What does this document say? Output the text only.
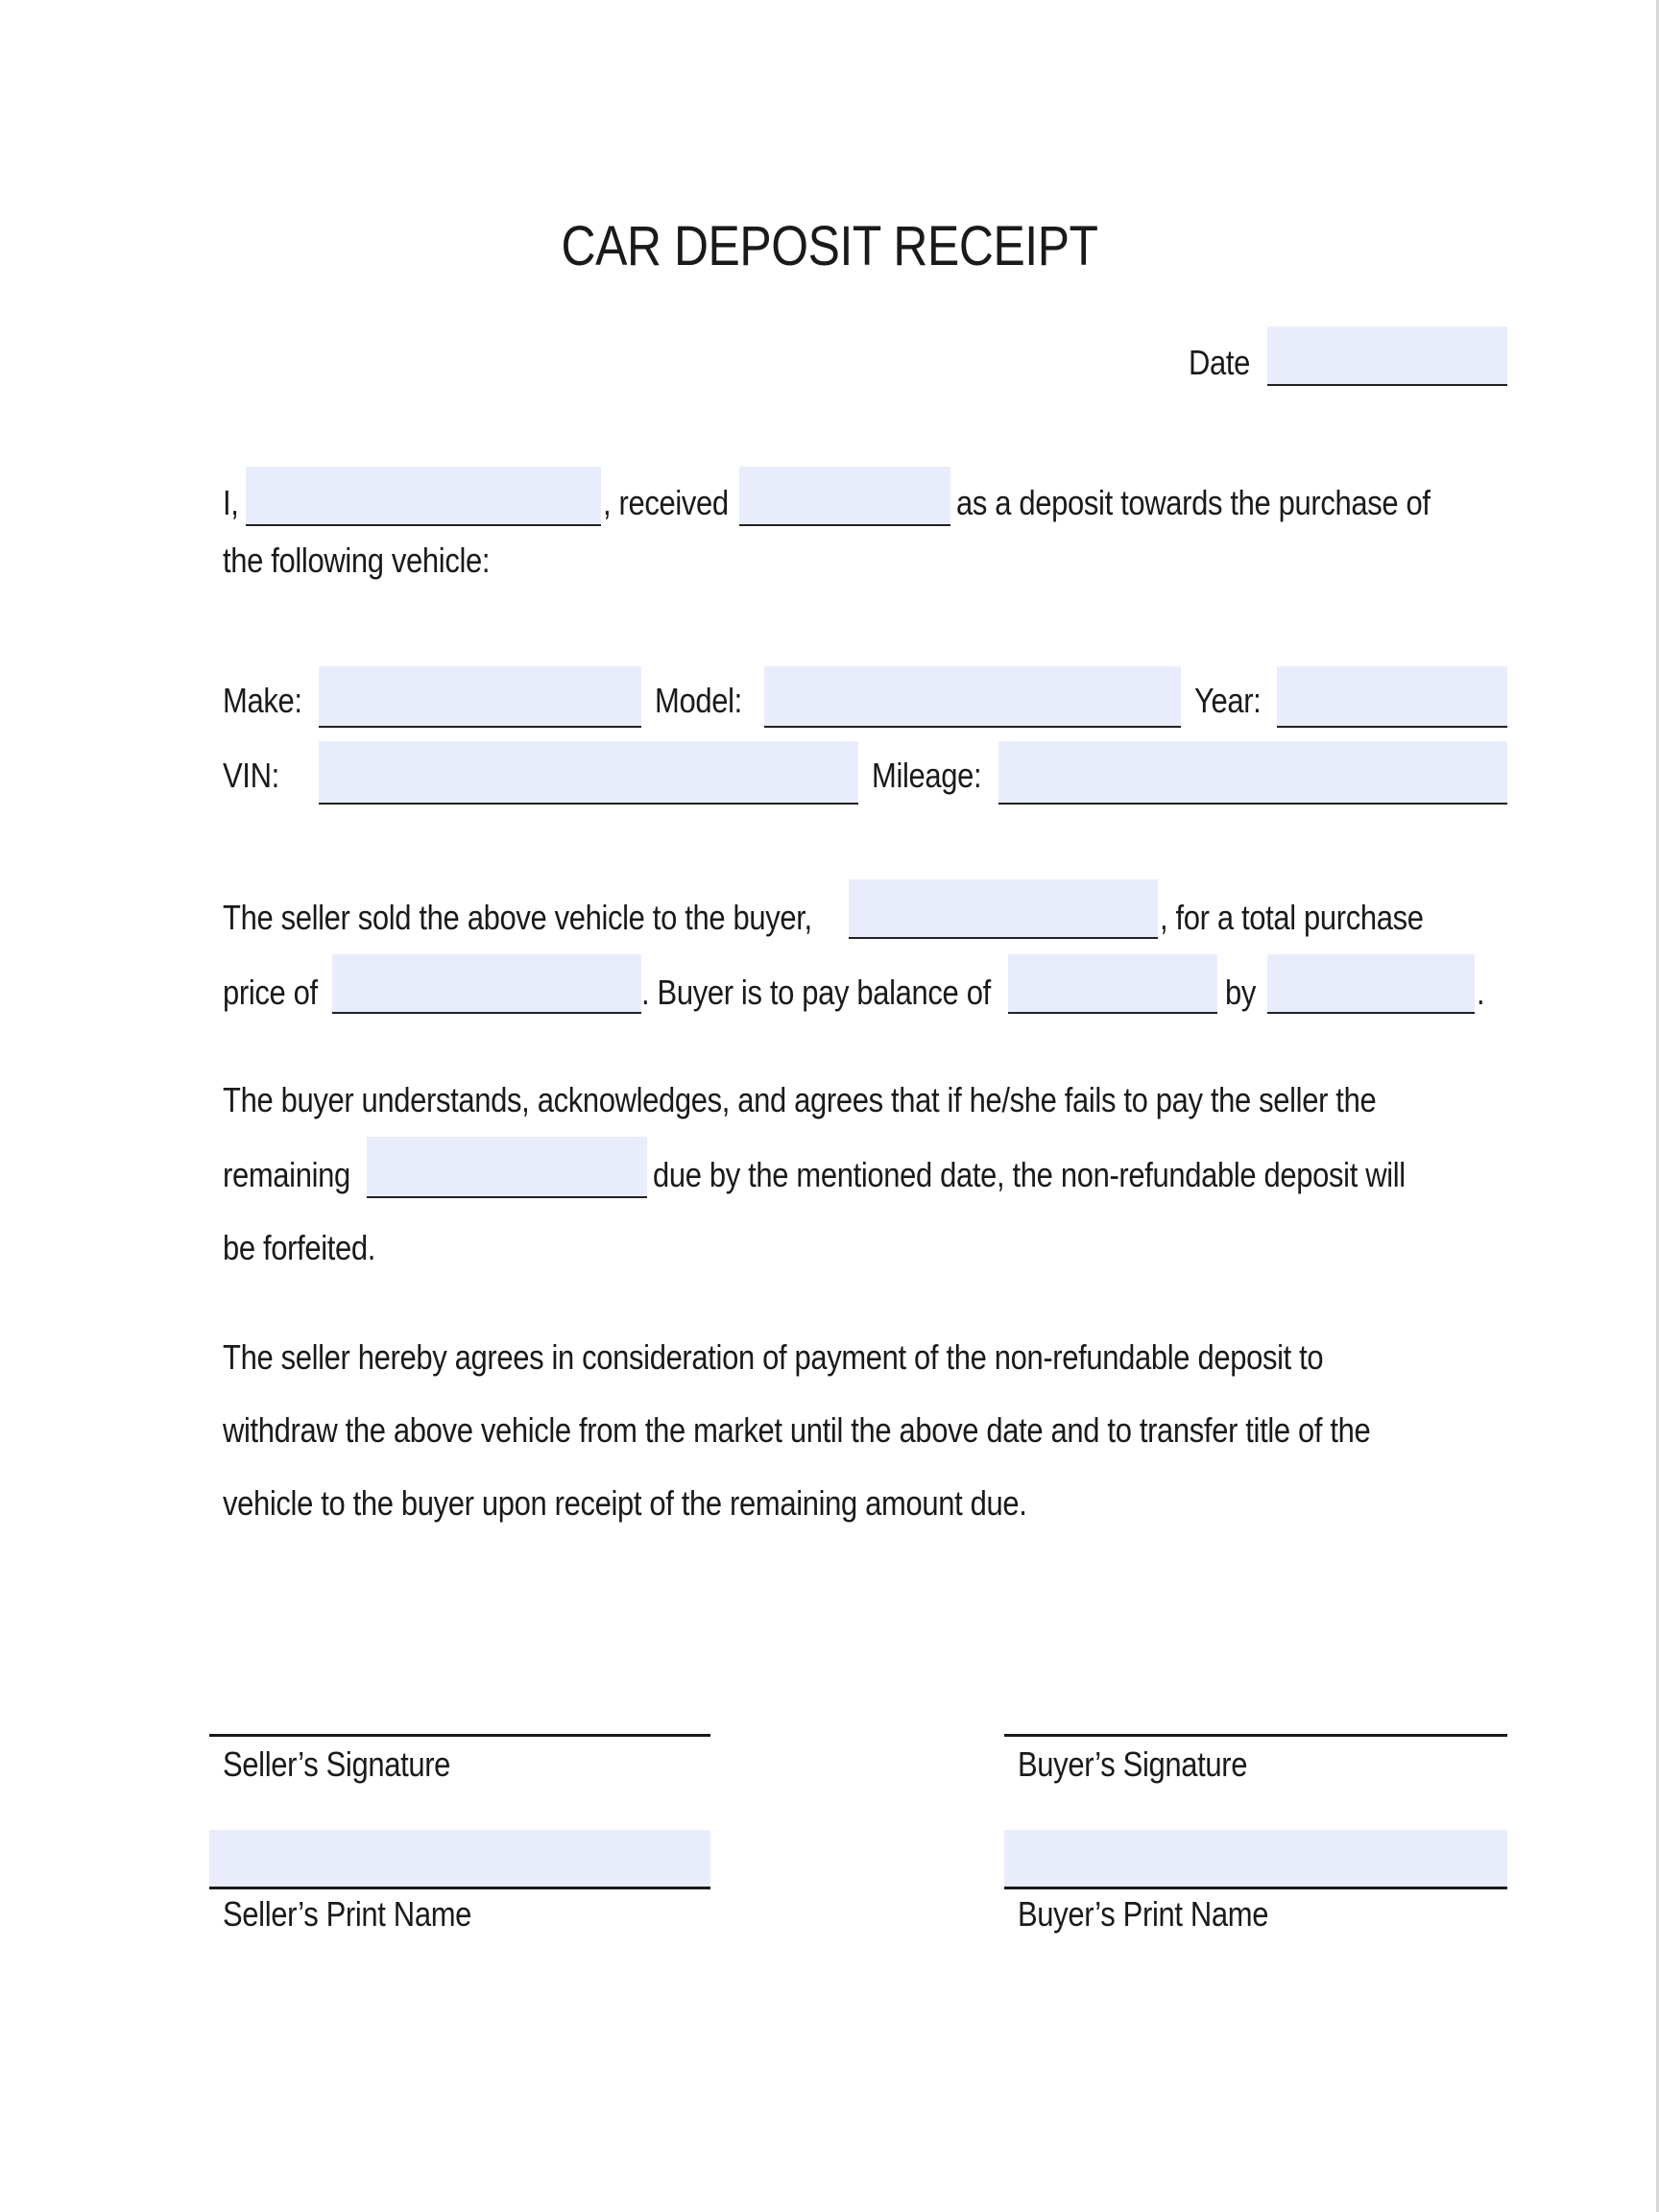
CAR DEPOSIT RECEIPT
Date
I,	, received	as a deposit towards the purchase of
the following vehicle:
Make:	Model:	Year:
VIN:	Mileage:
The seller sold the above vehicle to the buyer,	, for a total purchase
price of	. Buyer is to pay balance of	by	.
The buyer understands, acknowledges, and agrees that if he/she fails to pay the seller the
remaining	due by the mentioned date, the non-refundable deposit will
be forfeited.
The seller hereby agrees in consideration of payment of the non-refundable deposit to
withdraw the above vehicle from the market until the above date and to transfer title of the
vehicle to the buyer upon receipt of the remaining amount due.
Seller’s Signature	Buyer’s Signature
Seller’s Print Name	Buyer’s Print Name
